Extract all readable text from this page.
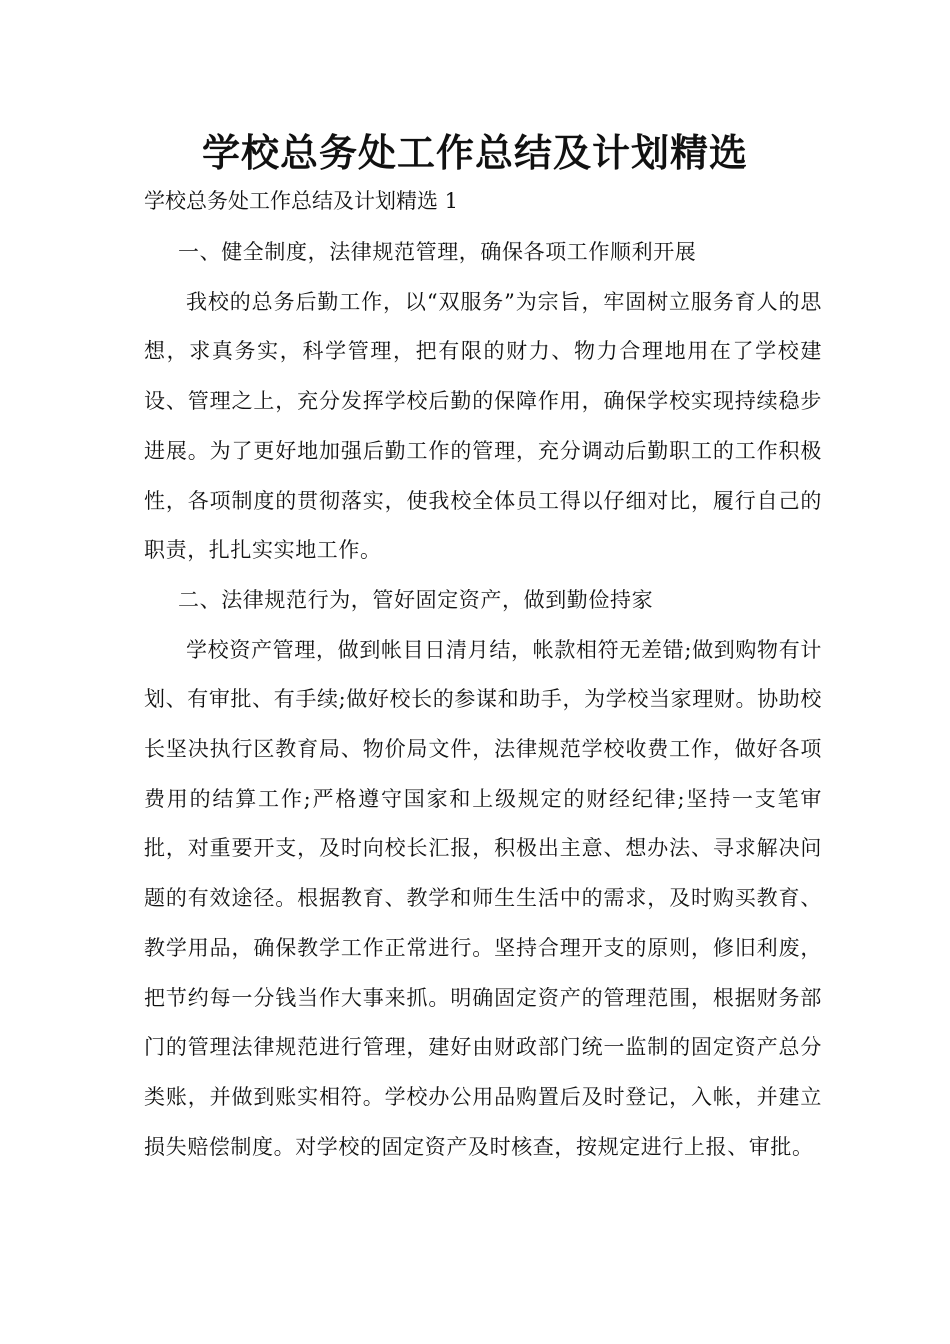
学校总务处工作总结及计划精选

学校总务处工作总结及计划精选 1

一、健全制度，法律规范管理，确保各项工作顺利开展

我校的总务后勤工作，以“双服务”为宗旨，牢固树立服务育人的思想，求真务实，科学管理，把有限的财力、物力合理地用在了学校建设、管理之上，充分发挥学校后勤的保障作用，确保学校实现持续稳步进展。为了更好地加强后勤工作的管理，充分调动后勤职工的工作积极性，各项制度的贯彻落实，使我校全体员工得以仔细对比，履行自己的职责，扎扎实实地工作。

二、法律规范行为，管好固定资产，做到勤俭持家

学校资产管理，做到帐目日清月结，帐款相符无差错;做到购物有计划、有审批、有手续;做好校长的参谋和助手，为学校当家理财。协助校长坚决执行区教育局、物价局文件，法律规范学校收费工作，做好各项费用的结算工作;严格遵守国家和上级规定的财经纪律;坚持一支笔审批，对重要开支，及时向校长汇报，积极出主意、想办法、寻求解决问题的有效途径。根据教育、教学和师生生活中的需求，及时购买教育、教学用品，确保教学工作正常进行。坚持合理开支的原则，修旧利废，把节约每一分钱当作大事来抓。明确固定资产的管理范围，根据财务部门的管理法律规范进行管理，建好由财政部门统一监制的固定资产总分类账，并做到账实相符。学校办公用品购置后及时登记，入帐，并建立损失赔偿制度。对学校的固定资产及时核查，按规定进行上报、审批。
